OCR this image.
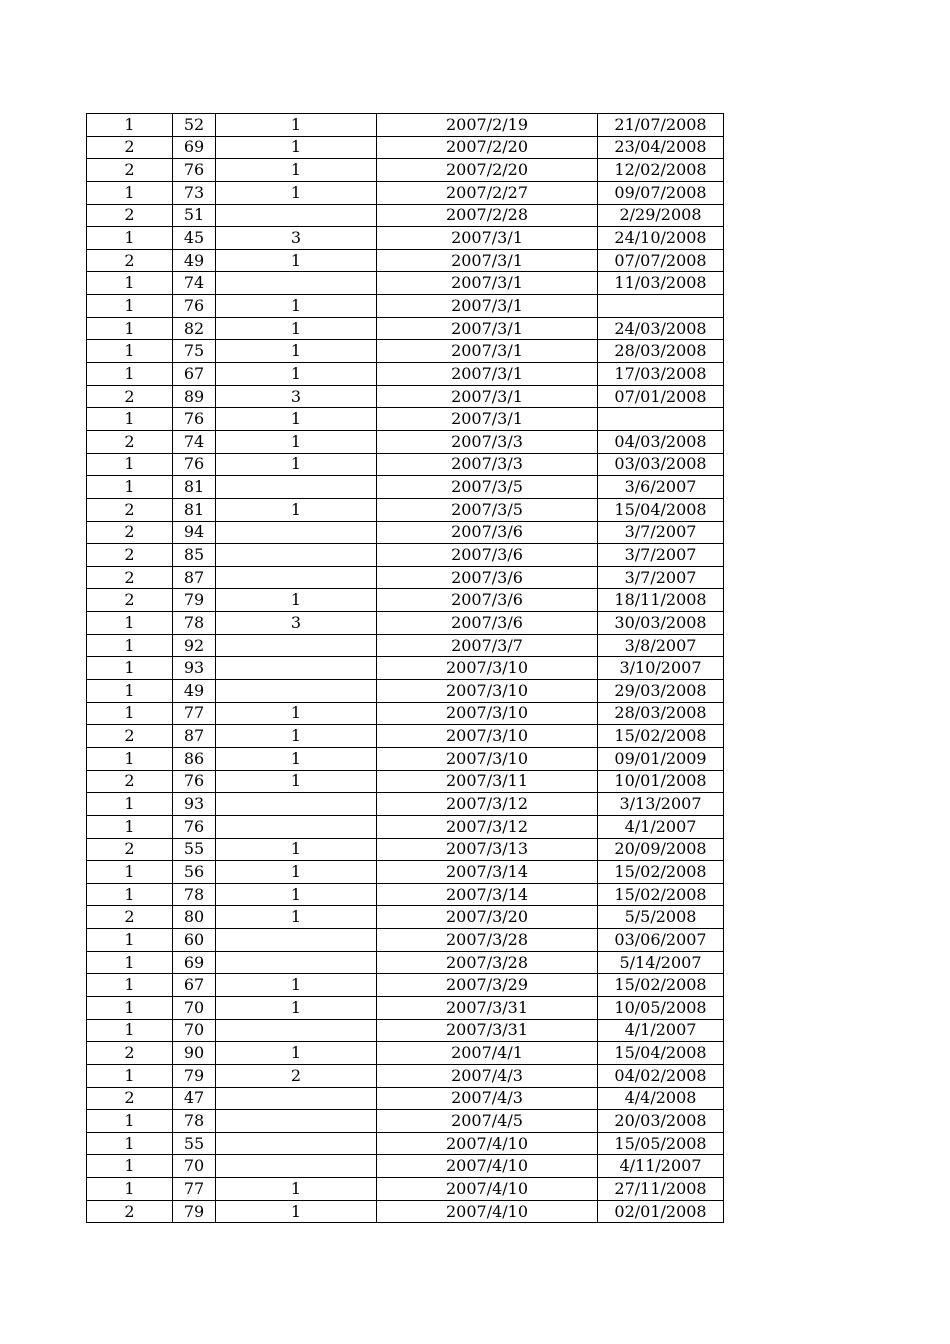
1	52	1	2007/2/19	21/07/2008
2	69	1	2007/2/20	23/04/2008
2	76	1	2007/2/20	12/02/2008
1	73	1	2007/2/27	09/07/2008
2	51		2007/2/28	2/29/2008
1	45	3	2007/3/1	24/10/2008
2	49	1	2007/3/1	07/07/2008
1	74		2007/3/1	11/03/2008
1	76	1	2007/3/1	
1	82	1	2007/3/1	24/03/2008
1	75	1	2007/3/1	28/03/2008
1	67	1	2007/3/1	17/03/2008
2	89	3	2007/3/1	07/01/2008
1	76	1	2007/3/1	
2	74	1	2007/3/3	04/03/2008
1	76	1	2007/3/3	03/03/2008
1	81		2007/3/5	3/6/2007
2	81	1	2007/3/5	15/04/2008
2	94		2007/3/6	3/7/2007
2	85		2007/3/6	3/7/2007
2	87		2007/3/6	3/7/2007
2	79	1	2007/3/6	18/11/2008
1	78	3	2007/3/6	30/03/2008
1	92		2007/3/7	3/8/2007
1	93		2007/3/10	3/10/2007
1	49		2007/3/10	29/03/2008
1	77	1	2007/3/10	28/03/2008
2	87	1	2007/3/10	15/02/2008
1	86	1	2007/3/10	09/01/2009
2	76	1	2007/3/11	10/01/2008
1	93		2007/3/12	3/13/2007
1	76		2007/3/12	4/1/2007
2	55	1	2007/3/13	20/09/2008
1	56	1	2007/3/14	15/02/2008
1	78	1	2007/3/14	15/02/2008
2	80	1	2007/3/20	5/5/2008
1	60		2007/3/28	03/06/2007
1	69		2007/3/28	5/14/2007
1	67	1	2007/3/29	15/02/2008
1	70	1	2007/3/31	10/05/2008
1	70		2007/3/31	4/1/2007
2	90	1	2007/4/1	15/04/2008
1	79	2	2007/4/3	04/02/2008
2	47		2007/4/3	4/4/2008
1	78		2007/4/5	20/03/2008
1	55		2007/4/10	15/05/2008
1	70		2007/4/10	4/11/2007
1	77	1	2007/4/10	27/11/2008
2	79	1	2007/4/10	02/01/2008
